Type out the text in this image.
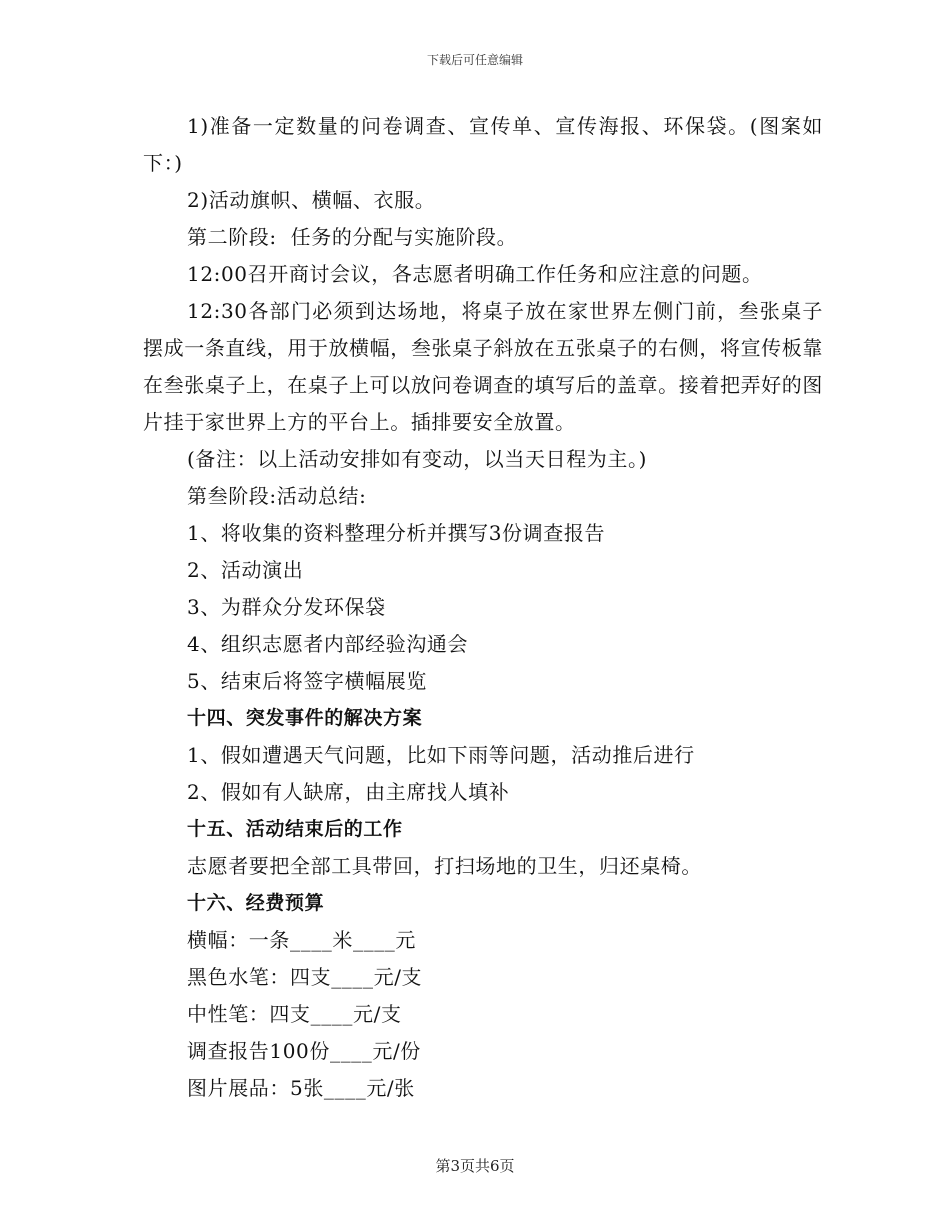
下载后可任意编辑

1)准备一定数量的问卷调查、宣传单、宣传海报、环保袋。(图案如下：)

2)活动旗帜、横幅、衣服。

第二阶段:  任务的分配与实施阶段。

12:00召开商讨会议，各志愿者明确工作任务和应注意的问题。

12:30各部门必须到达场地，将桌子放在家世界左侧门前，叁张桌子摆成一条直线，用于放横幅，叁张桌子斜放在五张桌子的右侧，将宣传板靠在叁张桌子上，在桌子上可以放问卷调查的填写后的盖章。接着把弄好的图片挂于家世界上方的平台上。插排要安全放置。

(备注：以上活动安排如有变动，以当天日程为主。)

第叁阶段:活动总结:

1、将收集的资料整理分析并撰写3份调查报告

2、活动演出

3、为群众分发环保袋

4、组织志愿者内部经验沟通会

5、结束后将签字横幅展览

十四、突发事件的解决方案

1、假如遭遇天气问题，比如下雨等问题，活动推后进行

2、假如有人缺席，由主席找人填补

十五、活动结束后的工作

志愿者要把全部工具带回，打扫场地的卫生，归还桌椅。

十六、经费预算

横幅：一条____米____元

黑色水笔：四支____元/支

中性笔：四支____元/支

调查报告100份____元/份

图片展品：5张____元/张

第3页共6页
